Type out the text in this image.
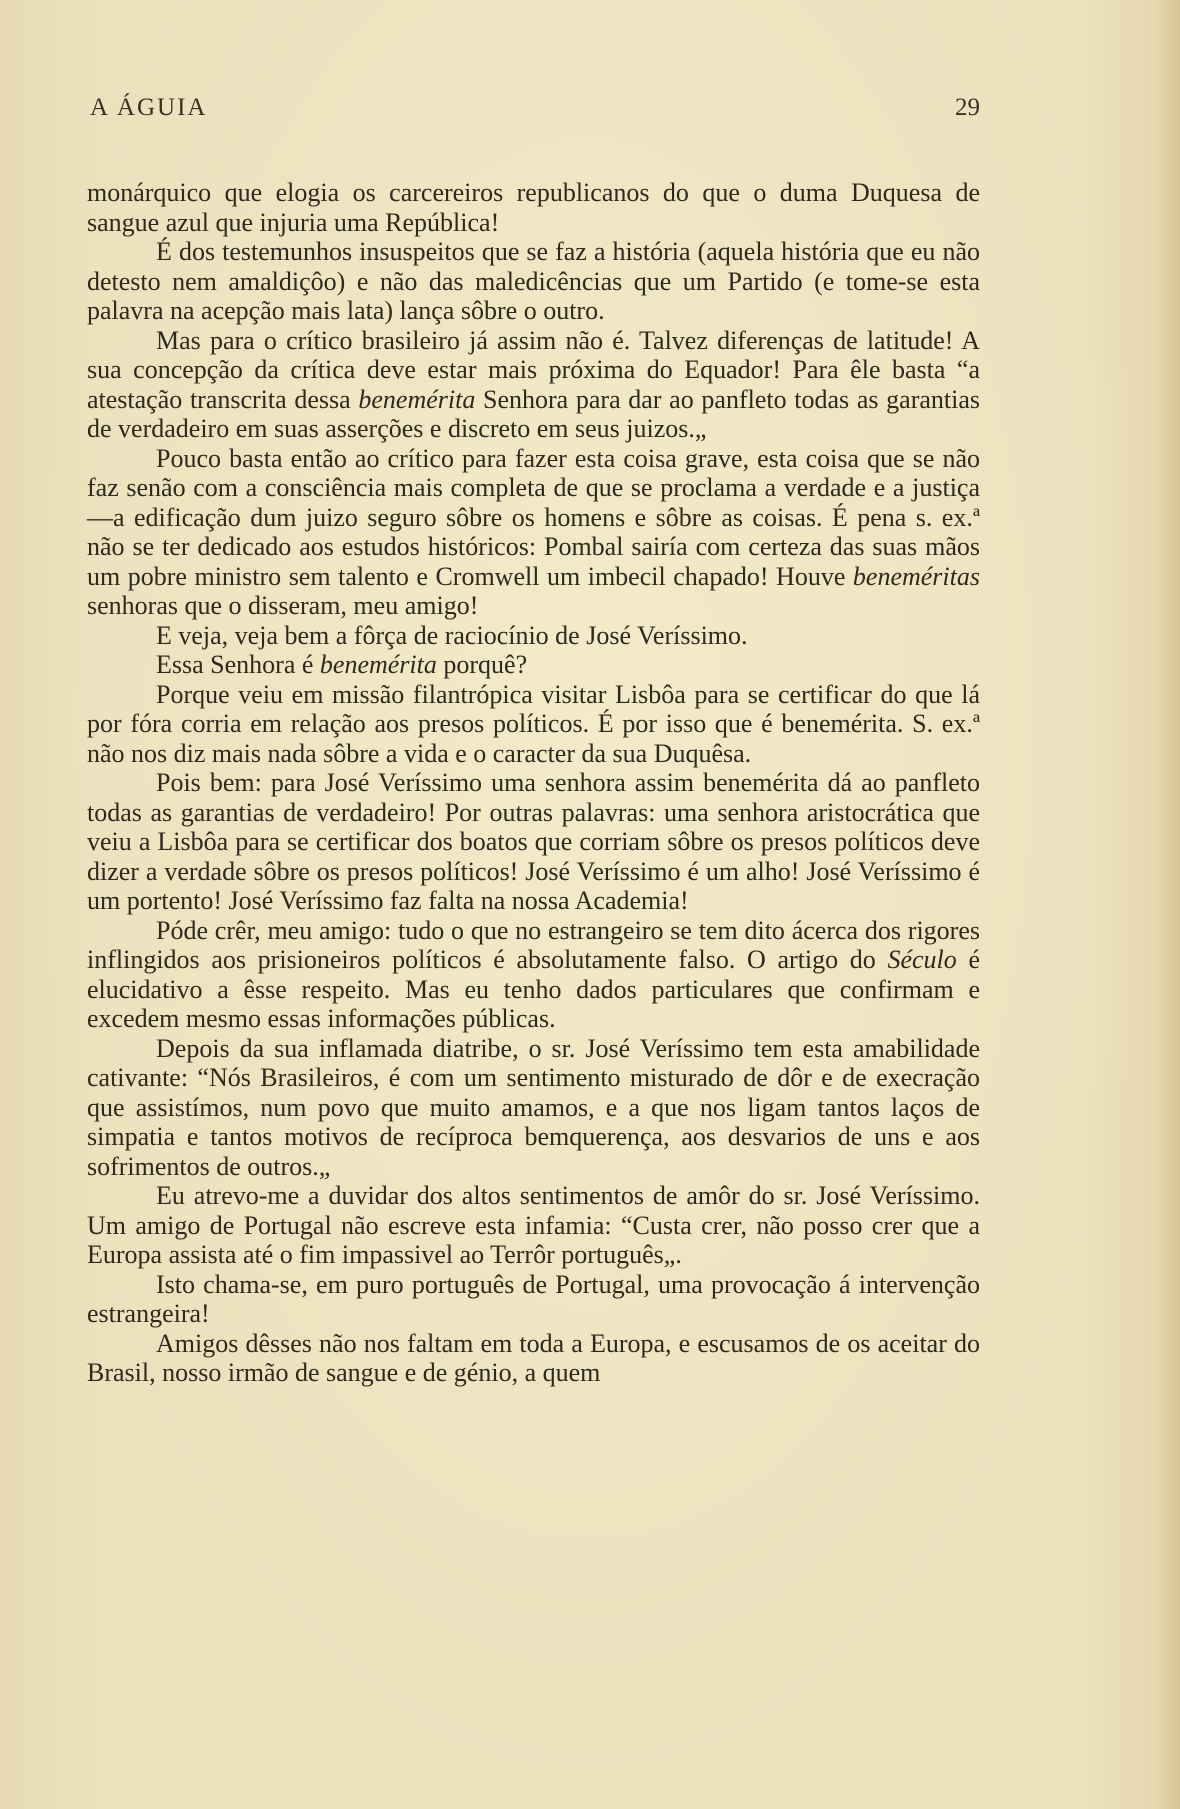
A ÁGUIA	29

monárquico que elogia os carcereiros republicanos do que o duma Duquesa de sangue azul que injuria uma República!

É dos testemunhos insuspeitos que se faz a história (aquela história que eu não detesto nem amaldiçôo) e não das maledicências que um Partido (e tome-se esta palavra na acepção mais lata) lança sôbre o outro.

Mas para o crítico brasileiro já assim não é. Talvez diferenças de latitude! A sua concepção da crítica deve estar mais próxima do Equador! Para êle basta “a atestação transcrita dessa benemérita Senhora para dar ao panfleto todas as garantias de verdadeiro em suas asserções e discreto em seus juizos.„

Pouco basta então ao crítico para fazer esta coisa grave, esta coisa que se não faz senão com a consciência mais completa de que se proclama a verdade e a justiça—a edificação dum juizo seguro sôbre os homens e sôbre as coisas. É pena s. ex.ª não se ter dedicado aos estudos históricos: Pombal sairía com certeza das suas mãos um pobre ministro sem talento e Cromwell um imbecil chapado! Houve beneméritas senhoras que o disseram, meu amigo!

E veja, veja bem a fôrça de raciocínio de José Veríssimo.

Essa Senhora é benemérita porquê?

Porque veiu em missão filantrópica visitar Lisbôa para se certificar do que lá por fóra corria em relação aos presos políticos. É por isso que é benemérita. S. ex.ª não nos diz mais nada sôbre a vida e o caracter da sua Duquêsa.

Pois bem: para José Veríssimo uma senhora assim benemérita dá ao panfleto todas as garantias de verdadeiro! Por outras palavras: uma senhora aristocrática que veiu a Lisbôa para se certificar dos boatos que corriam sôbre os presos políticos deve dizer a verdade sôbre os presos políticos! José Veríssimo é um alho! José Veríssimo é um portento! José Veríssimo faz falta na nossa Academia!

Póde crêr, meu amigo: tudo o que no estrangeiro se tem dito ácerca dos rigores inflingidos aos prisioneiros políticos é absolutamente falso. O artigo do Século é elucidativo a êsse respeito. Mas eu tenho dados particulares que confirmam e excedem mesmo essas informações públicas.

Depois da sua inflamada diatribe, o sr. José Veríssimo tem esta amabilidade cativante: “Nós Brasileiros, é com um sentimento misturado de dôr e de execração que assistímos, num povo que muito amamos, e a que nos ligam tantos laços de simpatia e tantos motivos de recíproca bemquerença, aos desvarios de uns e aos sofrimentos de outros.„

Eu atrevo-me a duvidar dos altos sentimentos de amôr do sr. José Veríssimo. Um amigo de Portugal não escreve esta infamia: “Custa crer, não posso crer que a Europa assista até o fim impassivel ao Terrôr português„.

Isto chama-se, em puro português de Portugal, uma provocação á intervenção estrangeira!

Amigos dêsses não nos faltam em toda a Europa, e escusamos de os aceitar do Brasil, nosso irmão de sangue e de génio, a quem
